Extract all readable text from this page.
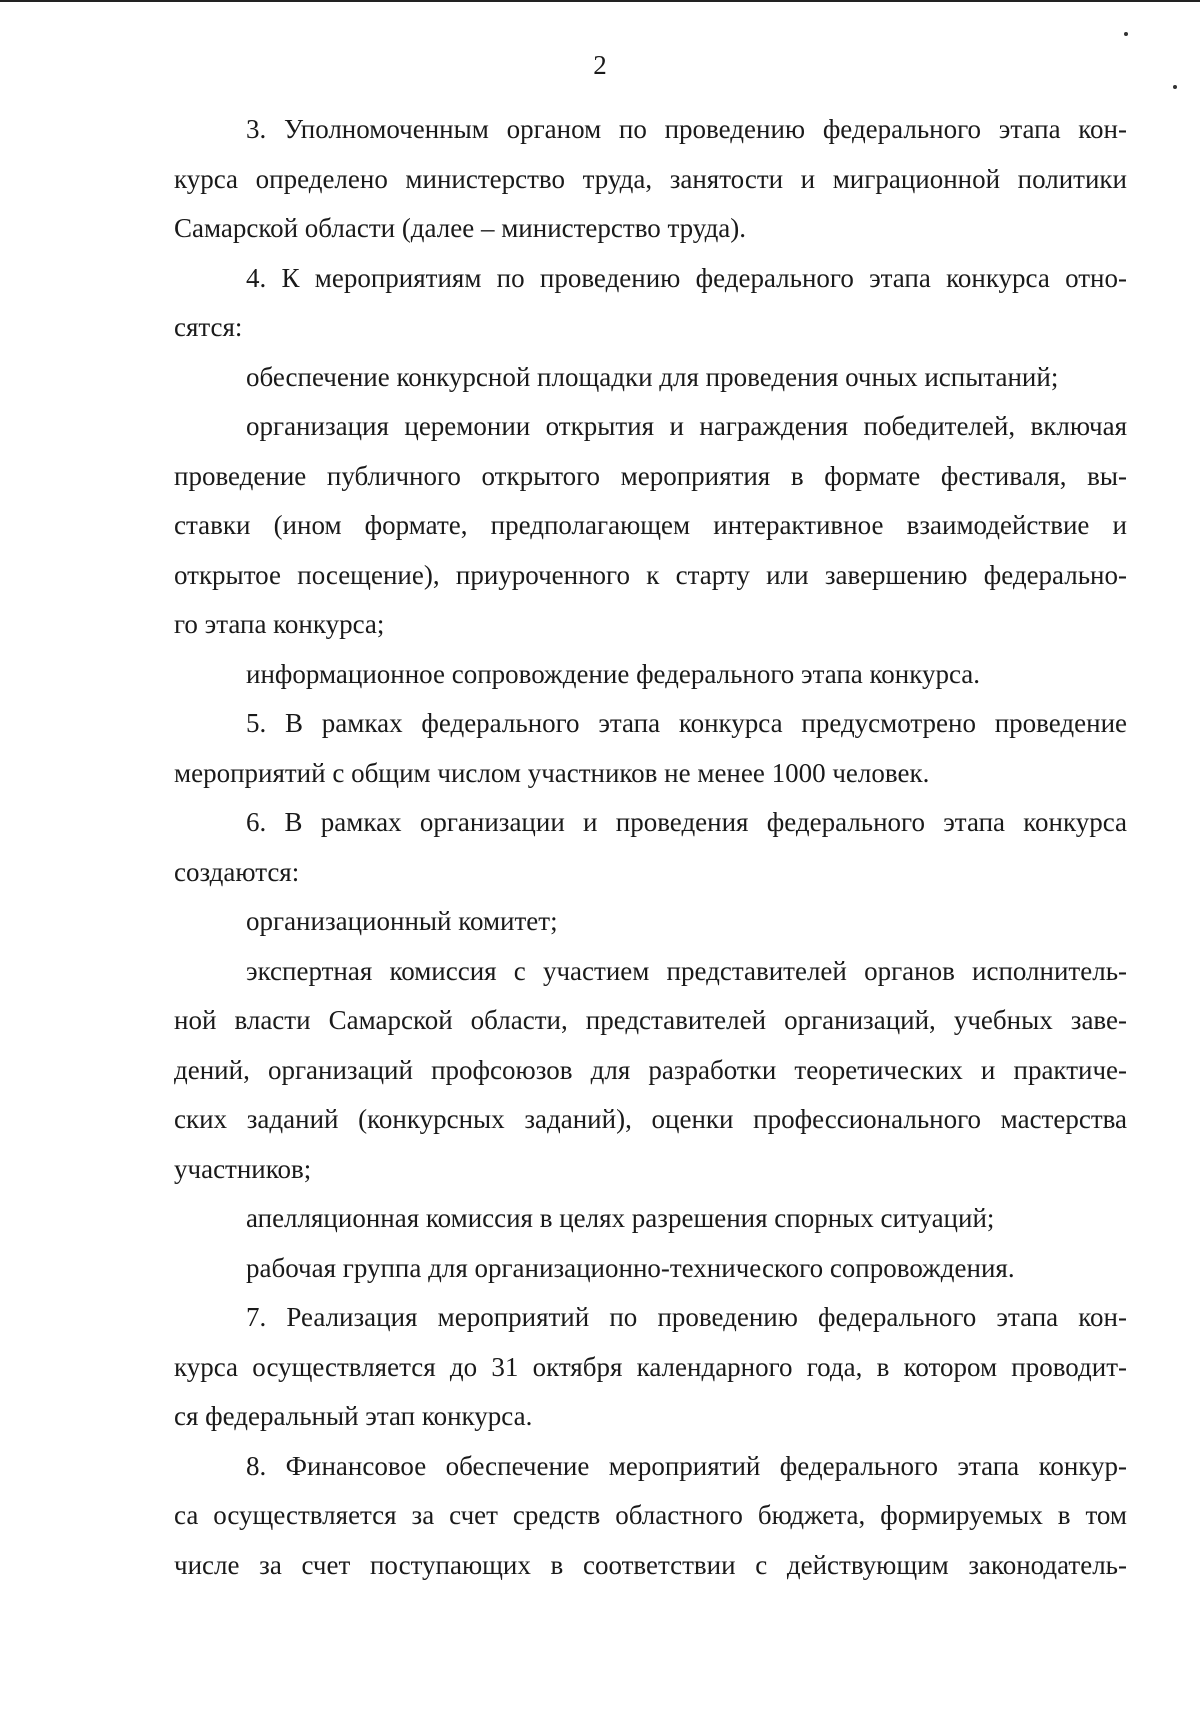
2
3. Уполномоченным органом по проведению федерального этапа кон-
курса определено министерство труда, занятости и миграционной политики
Самарской области (далее – министерство труда).
4. К мероприятиям по проведению федерального этапа конкурса отно-
сятся:
обеспечение конкурсной площадки для проведения очных испытаний;
организация церемонии открытия и награждения победителей, включая
проведение публичного открытого мероприятия в формате фестиваля, вы-
ставки (ином формате, предполагающем интерактивное взаимодействие и
открытое посещение), приуроченного к старту или завершению федерально-
го этапа конкурса;
информационное сопровождение федерального этапа конкурса.
5. В рамках федерального этапа конкурса предусмотрено проведение
мероприятий с общим числом участников не менее 1000 человек.
6. В рамках организации и проведения федерального этапа конкурса
создаются:
организационный комитет;
экспертная комиссия с участием представителей органов исполнитель-
ной власти Самарской области, представителей организаций, учебных заве-
дений, организаций профсоюзов для разработки теоретических и практиче-
ских заданий (конкурсных заданий), оценки профессионального мастерства
участников;
апелляционная комиссия в целях разрешения спорных ситуаций;
рабочая группа для организационно-технического сопровождения.
7. Реализация мероприятий по проведению федерального этапа кон-
курса осуществляется до 31 октября календарного года, в котором проводит-
ся федеральный этап конкурса.
8. Финансовое обеспечение мероприятий федерального этапа конкур-
са осуществляется за счет средств областного бюджета, формируемых в том
числе за счет поступающих в соответствии с действующим законодатель-
